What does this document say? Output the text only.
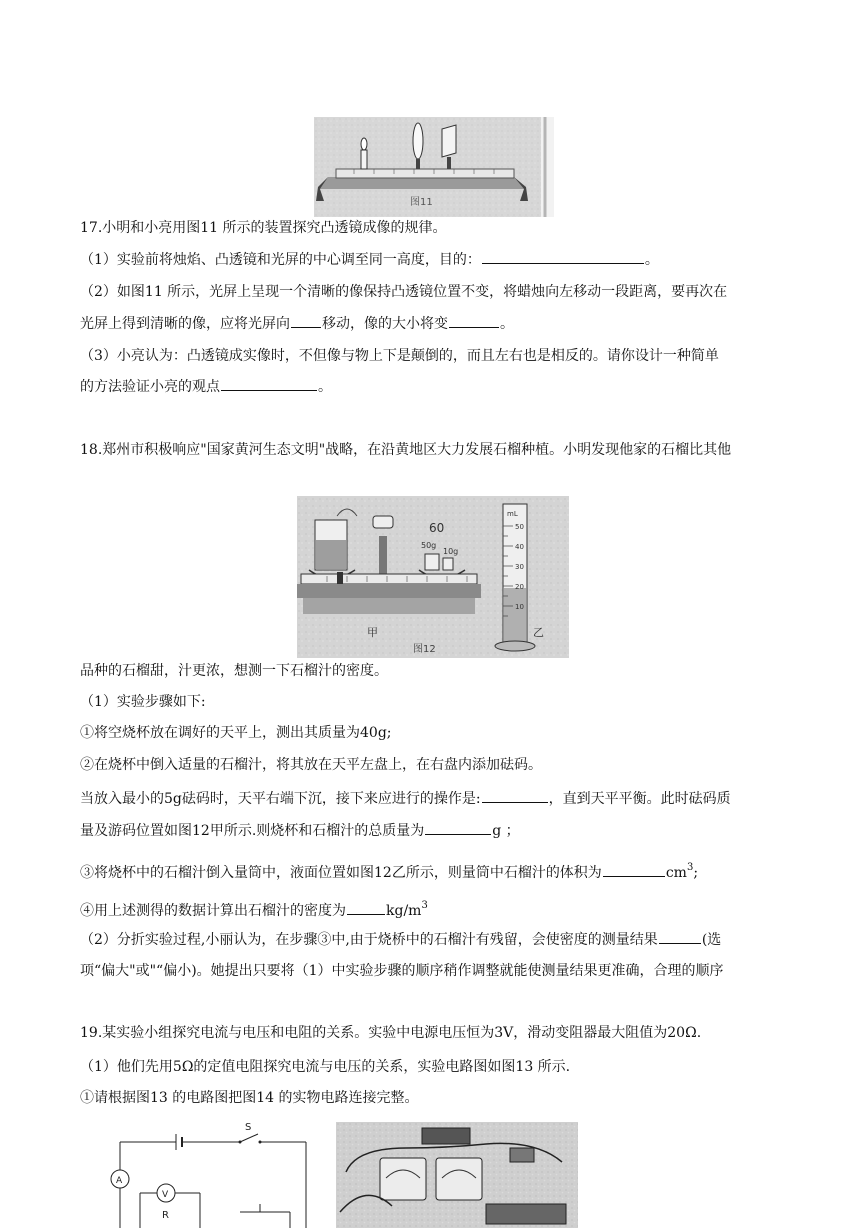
图11
17.小明和小亮用图11 所示的装置探究凸透镜成像的规律。
（1）实验前将烛焰、凸透镜和光屏的中心调至同一高度，目的：	。
（2）如图11 所示，光屏上呈现一个清晰的像保持凸透镜位置不变，将蜡烛向左移动一段距离，要再次在
光屏上得到清晰的像，应将光屏向 移动，像的大小将变	。
（3）小亮认为：凸透镜成实像时，不但像与物上下是颠倒的，而且左右也是相反的。请你设计一种简单
的方法验证小亮的观点	。
18.郑州市积极响应"国家黄河生态文明"战略，在沿黄地区大力发展石榴种植。小明发现他家的石榴比其他
60
50g
10g
甲
图12
mL
50
40
30
20
10
乙
品种的石榴甜，汁更浓，想测一下石榴汁的密度。
（1）实验步骤如下:
①将空烧杯放在调好的天平上，测出其质量为40g;
②在烧杯中倒入适量的石榴汁，将其放在天平左盘上，在右盘内添加砝码。
当放入最小的5g砝码时，天平右端下沉，接下来应进行的操作是:	，直到天平平衡。此时砝码质
量及游码位置如图12甲所示.则烧杯和石榴汁的总质量为	g ；
③将烧杯中的石榴汁倒入量筒中，液面位置如图12乙所示，则量筒中石榴汁的体积为	$cm^3$;
④用上述测得的数据计算出石榴汁的密度为	$kg/m^3$
（2）分折实验过程,小丽认为，在步骤③中,由于烧桥中的石榴汁有残留，会使密度的测量结果	(选
项“偏大"或"“偏小)。她提出只要将（1）中实验步骤的顺序稍作调整就能使测量结果更准确，合理的顺序
19.某实验小组探究电流与电压和电阻的关系。实验中电源电压恒为3V，滑动变阻器最大阻值为20Ω.
（1）他们先用5Ω的定值电阻探究电流与电压的关系，实验电路图如图13 所示.
①请根据图13 的电路图把图14 的实物电路连接完整。
S
A
V
R
